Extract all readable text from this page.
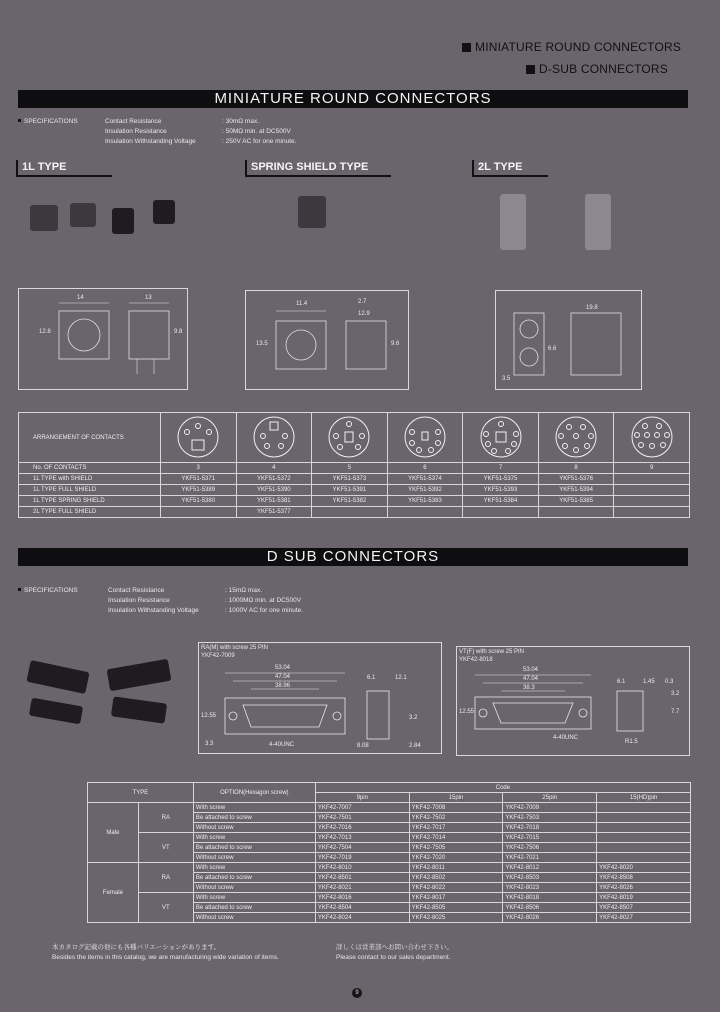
MINIATURE ROUND CONNECTORS
D-SUB CONNECTORS
MINIATURE ROUND CONNECTORS
SPECIFICATIONS	Contact Resistance	: 30mΩ max.
Insulation Resistance	: 50MΩ min. at DC500V
Insulation Withstanding Voltage	: 250V AC for one minute.
1L TYPE	SPRING SHIELD TYPE	2L TYPE
14	13
12.8	9.8
11.4	2.7
12.9
13.5	9.6
19.8
6.6
3.5
ARRANGEMENT OF CONTACTS							
No. OF CONTACTS	3	4	5	6	7	8	9
1L TYPE with SHIELD	YKF51-5371	YKF51-5372	YKF51-5373	YKF51-5374	YKF51-5375	YKF51-5376	
1L TYPE FULL SHIELD	YKF51-5389	YKF51-5390	YKF51-5391	YKF51-5392	YKF51-5393	YKF51-5394	
1L TYPE SPRING SHIELD	YKF51-5380	YKF51-5381	YKF51-5382	YKF51-5383	YKF51-5384	YKF51-5385	
2L TYPE FULL SHIELD		YKF51-5377					
D SUB CONNECTORS
SPECIFICATIONS	Contact Resistance	: 15mΩ max.
Insulation Resistance	: 1000MΩ min. at DC500V
Insulation Withstanding Voltage	: 1000V AC for one minute.
RA(M) with screw 25 PIN
YKF42-7009
53.04
47.04
38.96
6.1	12.1
12.55	3.2
8.08	2.84
3.3	4-40UNC
VT(F) with screw 25 PIN
YKF42-8018
53.04
47.04
38.3
6.1	1.45 0.3
3.2
12.55	7.7
4-40UNC
R1.5
TYPE		OPTION(Hexagon screw)	Code			
			9pin	15pin	25pin	15(HD)pin
Male	RA	With screw	YKF42-7007	YKF42-7008	YKF42-7009	
		Be attached to screw	YKF42-7501	YKF42-7502	YKF42-7503	
		Without screw	YKF42-7016	YKF42-7017	YKF42-7018	
	VT	With screw	YKF42-7013	YKF42-7014	YKF42-7015	
		Be attached to screw	YKF42-7504	YKF42-7505	YKF42-7506	
		Without screw	YKF42-7019	YKF42-7020	YKF42-7021	
Female	RA	With screw	YKF42-8010	YKF42-8011	YKF42-8012	YKF42-8020
		Be attached to screw	YKF42-8501	YKF42-8502	YKF42-8503	YKF42-8508
		Without screw	YKF42-8021	YKF42-8022	YKF42-8023	YKF42-8026
	VT	With screw	YKF42-8016	YKF42-8017	YKF42-8018	YKF42-8019
		Be attached to screw	YKF42-8504	YKF42-8505	YKF42-8506	YKF42-8507
		Without screw	YKF42-8024	YKF42-8025	YKF42-8026	YKF42-8027
本カタログ記載の他にも各種バリエーションがあります。
Besides the items in this catalog, we are manufacturing wide variation of items.
詳しくは営業部へお問い合わせ下さい。
Please contact to our sales department.
9
